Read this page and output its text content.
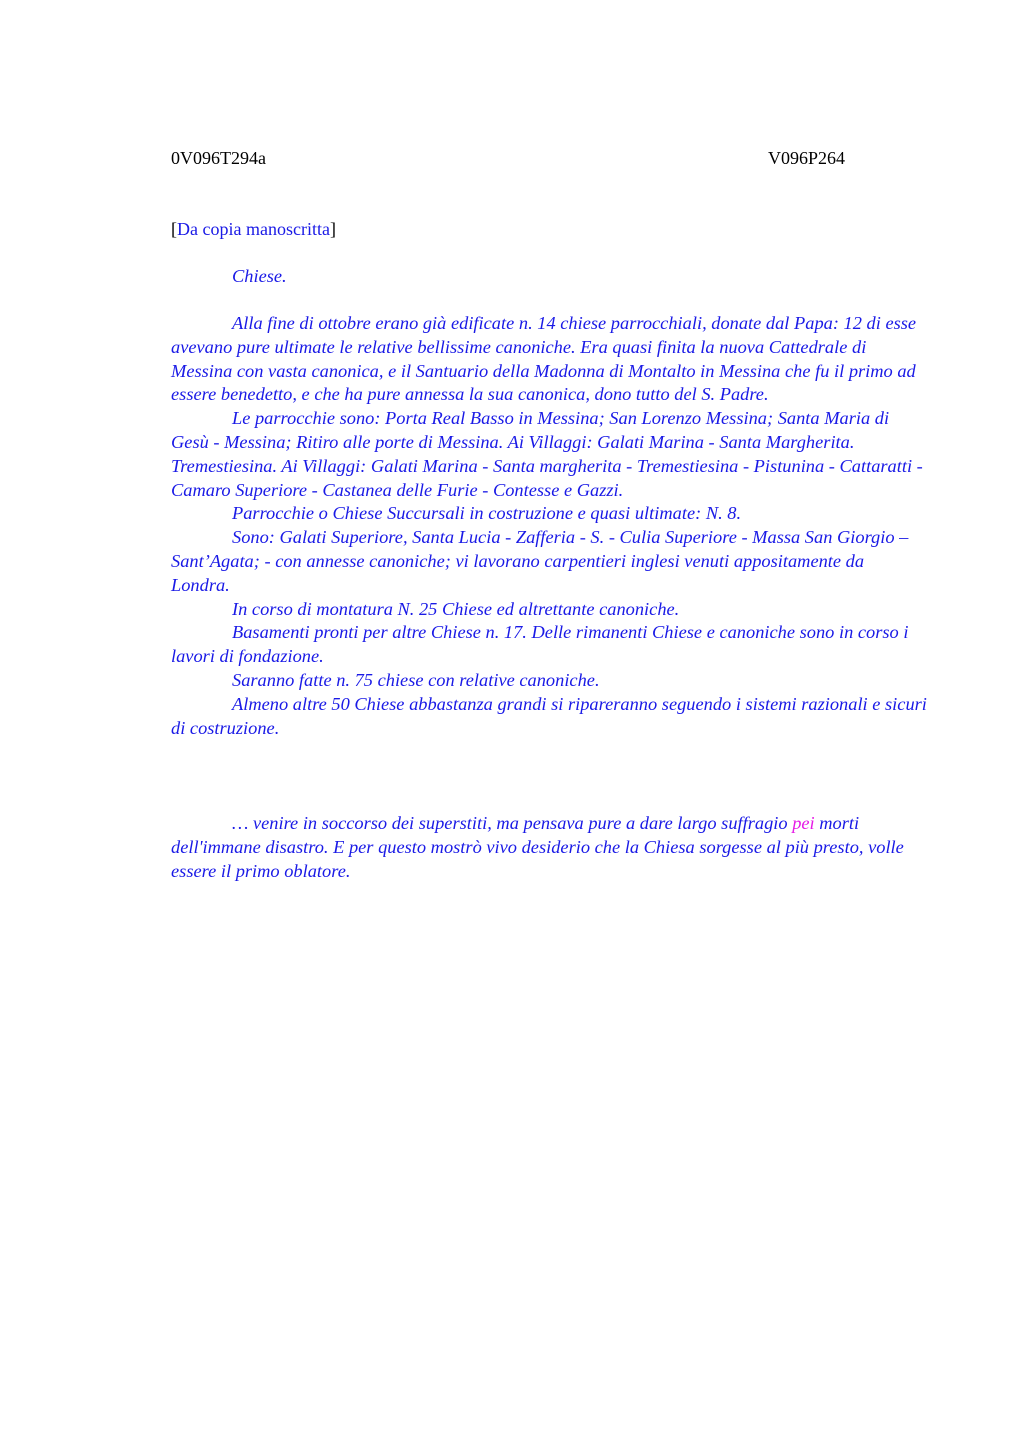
0V096T294a	V096P264
[Da copia manoscritta]

Chiese.

Alla fine di ottobre erano già edificate n. 14 chiese parrocchiali, donate dal Papa: 12 di esse avevano pure ultimate le relative bellissime canoniche. Era quasi finita la nuova Cattedrale di Messina con vasta canonica, e il Santuario della Madonna di Montalto in Messina che fu il primo ad essere benedetto, e che ha pure annessa la sua canonica, dono tutto del S. Padre.

Le parrocchie sono: Porta Real Basso in Messina; San Lorenzo Messina; Santa Maria di Gesù - Messina; Ritiro alle porte di Messina. Ai Villaggi: Galati Marina - Santa Margherita. Tremestiesina. Ai Villaggi: Galati Marina - Santa margherita - Tremestiesina - Pistunina - Cattaratti - Camaro Superiore - Castanea delle Furie - Contesse e Gazzi.

Parrocchie o Chiese Succursali in costruzione e quasi ultimate: N. 8.

Sono: Galati Superiore, Santa Lucia - Zafferia - S. - Culia Superiore - Massa San Giorgio – Sant’Agata; - con annesse canoniche; vi lavorano carpentieri inglesi venuti appositamente da Londra.

In corso di montatura N. 25 Chiese ed altrettante canoniche.

Basamenti pronti per altre Chiese n. 17. Delle rimanenti Chiese e canoniche sono in corso i lavori di fondazione.

Saranno fatte n. 75 chiese con relative canoniche.

Almeno altre 50 Chiese abbastanza grandi si ripareranno seguendo i sistemi razionali e sicuri di costruzione.

… venire in soccorso dei superstiti, ma pensava pure a dare largo suffragio pei morti dell'immane disastro. E per questo mostrò vivo desiderio che la Chiesa sorgesse al più presto, volle essere il primo oblatore.
